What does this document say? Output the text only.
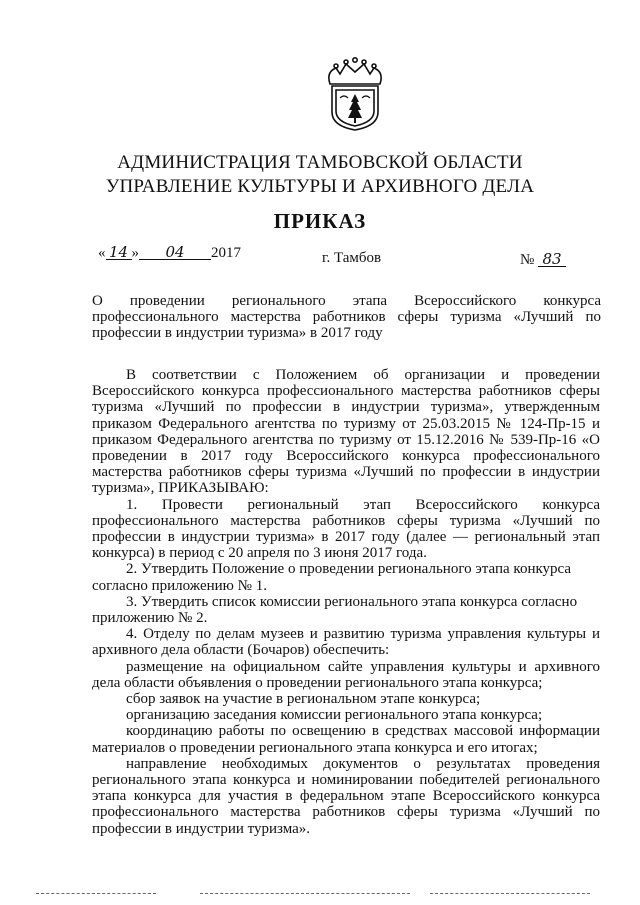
АДМИНИСТРАЦИЯ ТАМБОВСКОЙ ОБЛАСТИ
УПРАВЛЕНИЕ КУЛЬТУРЫ И АРХИВНОГО ДЕЛА
ПРИКАЗ
« 14 » 04 2017	г. Тамбов	№ 83
О проведении регионального этапа Всероссийского конкурса
профессионального мастерства работников сферы туризма «Лучший по
профессии в индустрии туризма» в 2017 году
В соответствии с Положением об организации и проведении
Всероссийского конкурса профессионального мастерства работников сферы
туризма «Лучший по профессии в индустрии туризма», утвержденным
приказом Федерального агентства по туризму от 25.03.2015 № 124-Пр-15 и
приказом Федерального агентства по туризму от 15.12.2016 № 539-Пр-16 «О
проведении в 2017 году Всероссийского конкурса профессионального
мастерства работников сферы туризма «Лучший по профессии в индустрии
туризма», ПРИКАЗЫВАЮ:
1. Провести региональный этап Всероссийского конкурса
профессионального мастерства работников сферы туризма «Лучший по
профессии в индустрии туризма» в 2017 году (далее — региональный этап
конкурса) в период с 20 апреля по 3 июня 2017 года.
2. Утвердить Положение о проведении регионального этапа конкурса
согласно приложению № 1.
3. Утвердить список комиссии регионального этапа конкурса согласно
приложению № 2.
4. Отделу по делам музеев и развитию туризма управления культуры и
архивного дела области (Бочаров) обеспечить:
размещение на официальном сайте управления культуры и архивного
дела области объявления о проведении регионального этапа конкурса;
сбор заявок на участие в региональном этапе конкурса;
организацию заседания комиссии регионального этапа конкурса;
координацию работы по освещению в средствах массовой информации
материалов о проведении регионального этапа конкурса и его итогах;
направление необходимых документов о результатах проведения
регионального этапа конкурса и номинировании победителей регионального
этапа конкурса для участия в федеральном этапе Всероссийского конкурса
профессионального мастерства работников сферы туризма «Лучший по
профессии в индустрии туризма».
